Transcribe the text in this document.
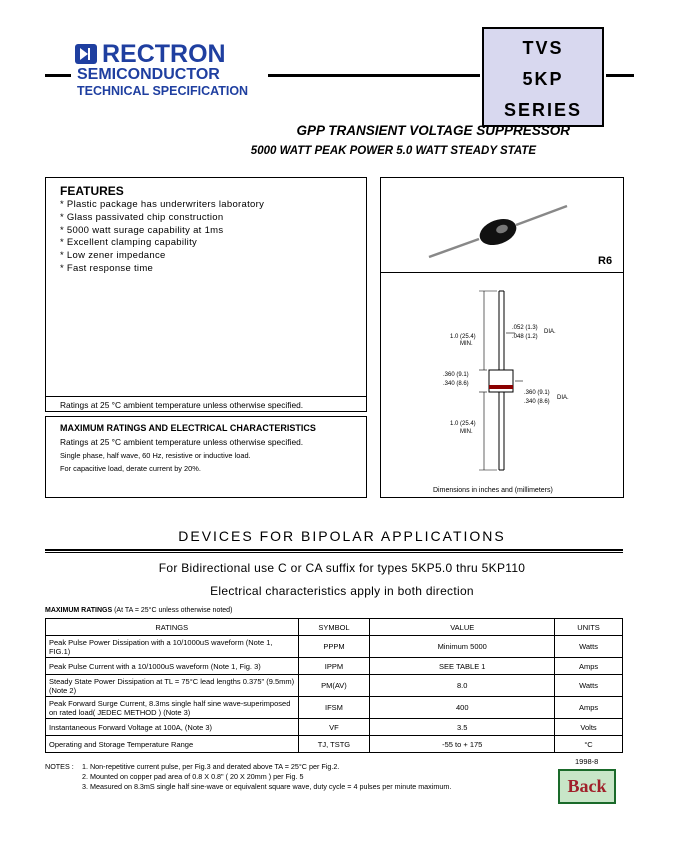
RECTRON
SEMICONDUCTOR
TECHNICAL SPECIFICATION
TVS
5KP
SERIES
GPP TRANSIENT VOLTAGE SUPPRESSOR
5000 WATT PEAK POWER 5.0 WATT STEADY STATE
FEATURES
* Plastic package has underwriters laboratory
* Glass passivated chip construction
* 5000 watt surage capability at 1ms
* Excellent clamping capability
* Low zener impedance
* Fast response time
Ratings at 25 °C ambient temperature unless otherwise specified.
MAXIMUM RATINGS AND ELECTRICAL CHARACTERISTICS
Ratings at 25 °C ambient temperature unless otherwise specified.
Single phase, half wave, 60 Hz, resistive or inductive load.
For capacitive load, derate current by 20%.
R6
1.0 (25.4)
MIN.
.052 (1.3)
.048 (1.2)
DIA.
.360 (9.1)
.340 (8.6)
.360 (9.1)
.340 (8.6)
DIA.
1.0 (25.4)
MIN.
Dimensions in inches and (millimeters)
DEVICES FOR BIPOLAR APPLICATIONS
For Bidirectional use C or CA suffix for types 5KP5.0 thru 5KP110
Electrical characteristics apply in both direction
MAXIMUM RATINGS (At TA = 25°C unless otherwise noted)
RATINGS	SYMBOL	VALUE	UNITS
Peak Pulse Power Dissipation with a 10/1000uS waveform (Note 1, FIG.1)	PPPM	Minimum 5000	Watts
Peak Pulse Current with a 10/1000uS waveform (Note 1, Fig. 3)	IPPM	SEE TABLE 1	Amps
Steady State Power Dissipation at TL = 75°C lead lengths 0.375" (9.5mm) (Note 2)	PM(AV)	8.0	Watts
Peak Forward Surge Current, 8.3ms single half sine wave-superimposed on rated load( JEDEC METHOD ) (Note 3)	IFSM	400	Amps
Instantaneous Forward Voltage at 100A, (Note 3)	VF	3.5	Volts
Operating and Storage Temperature Range	TJ, TSTG	-55 to + 175	°C
NOTES : 1. Non-repetitive current pulse, per Fig.3 and derated above TA = 25°C per Fig.2.
2. Mounted on copper pad area of 0.8 X 0.8" ( 20 X 20mm ) per Fig. 5
3. Measured on 8.3mS single half sine-wave or equivalent square wave, duty cycle = 4 pulses per minute maximum.
1998-8
Back
